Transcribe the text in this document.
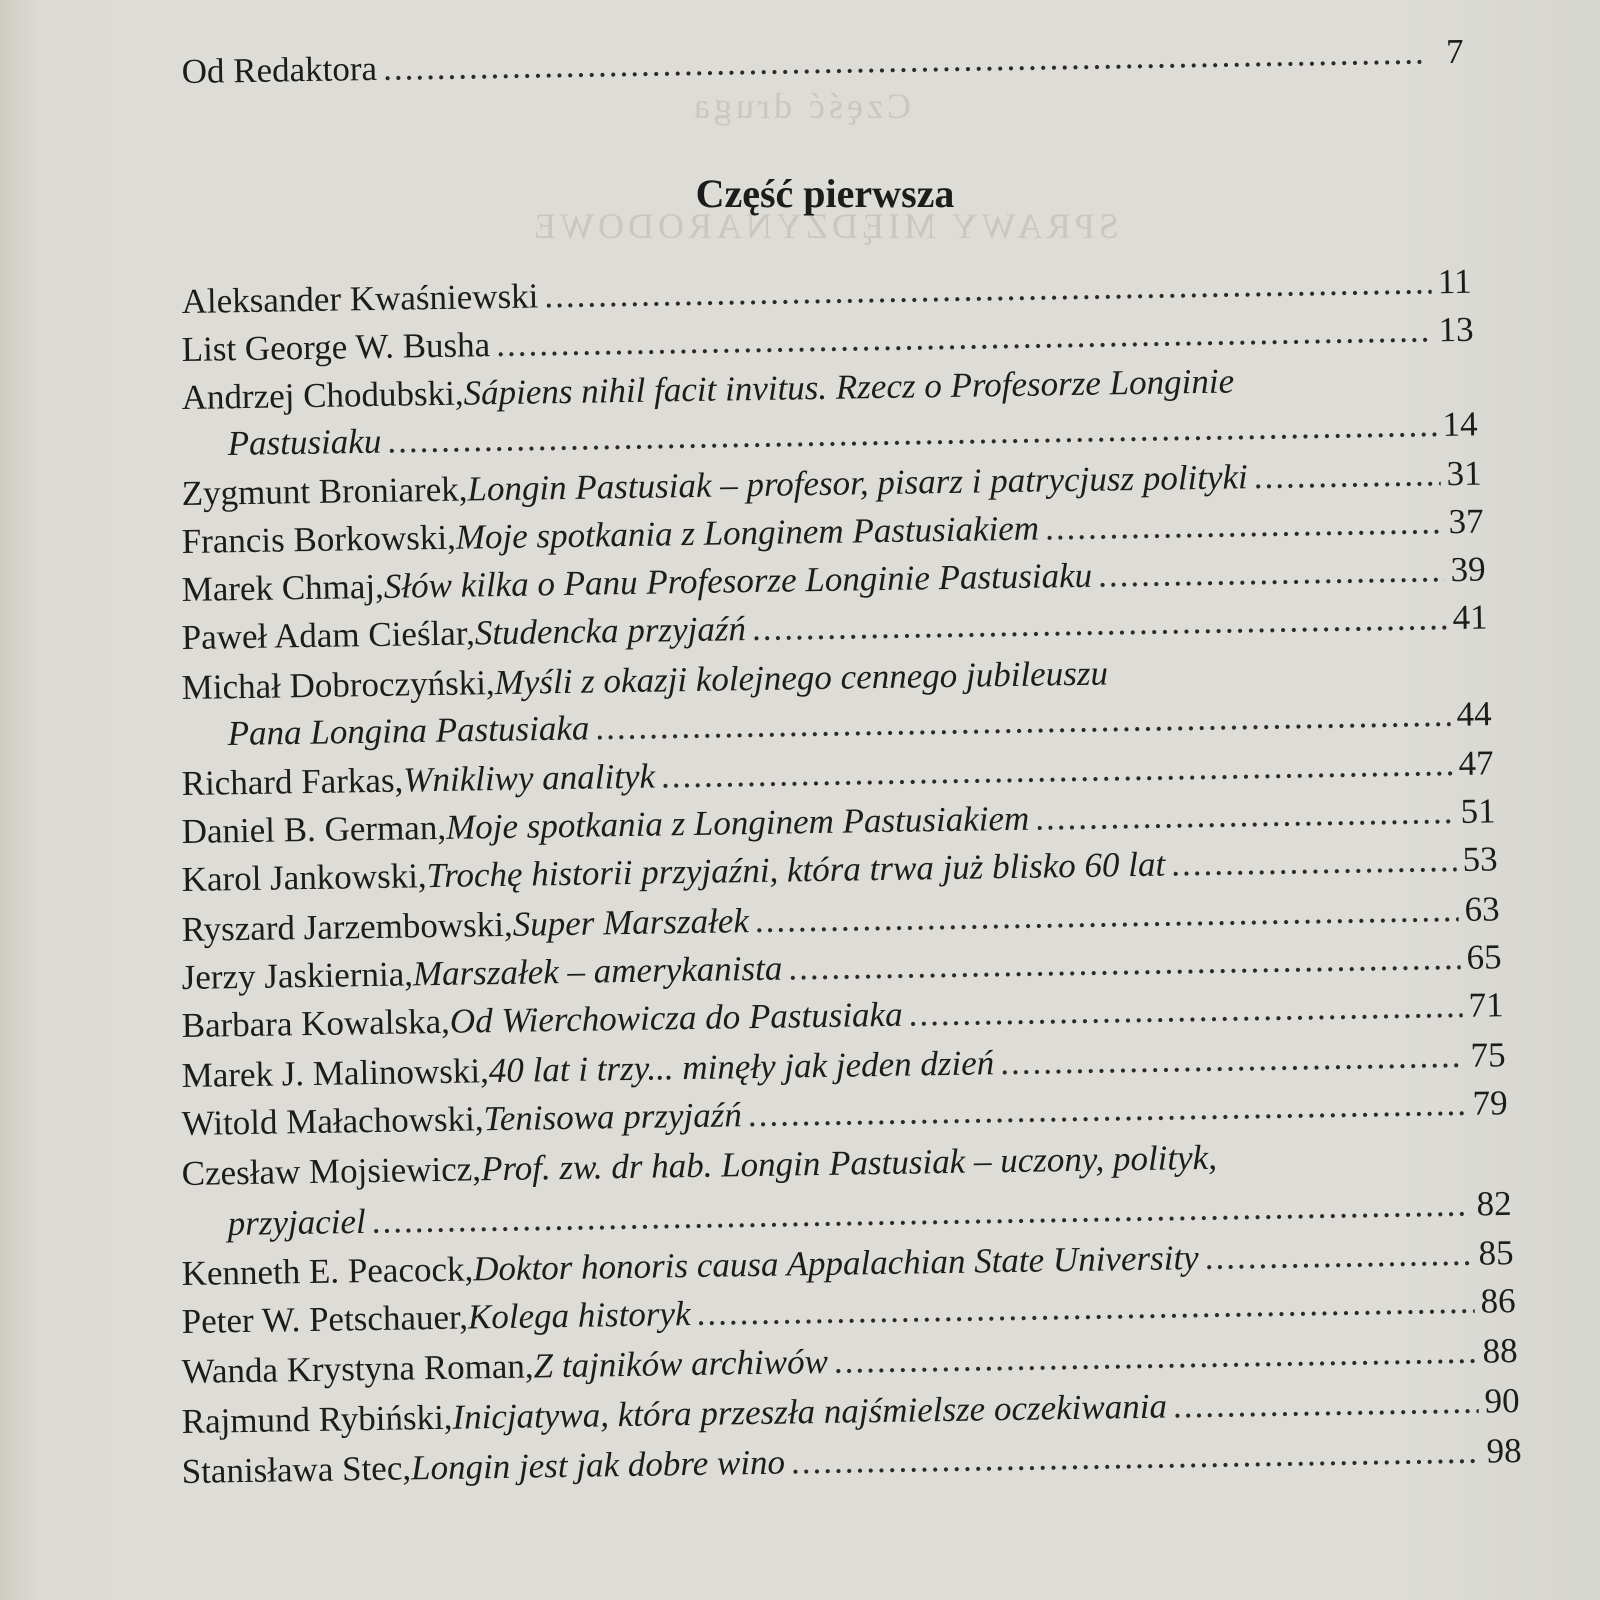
Część druga
SPRAWY MIĘDZYNARODOWE
Od Redaktora .....	7
Część pierwsza
Aleksander Kwaśniewski .....	11
List George W. Busha .....	13
Andrzej Chodubski, Sápiens nihil facit invitus. Rzecz o Profesorze Longinie
Pastusiaku .....	14
Zygmunt Broniarek, Longin Pastusiak – profesor, pisarz i patrycjusz polityki .....	31
Francis Borkowski, Moje spotkania z Longinem Pastusiakiem .....	37
Marek Chmaj, Słów kilka o Panu Profesorze Longinie Pastusiaku .....	39
Paweł Adam Cieślar, Studencka przyjaźń .....	41
Michał Dobroczyński, Myśli z okazji kolejnego cennego jubileuszu
Pana Longina Pastusiaka .....	44
Richard Farkas, Wnikliwy analityk .....	47
Daniel B. German, Moje spotkania z Longinem Pastusiakiem .....	51
Karol Jankowski, Trochę historii przyjaźni, która trwa już blisko 60 lat .....	53
Ryszard Jarzembowski, Super Marszałek .....	63
Jerzy Jaskiernia, Marszałek – amerykanista .....	65
Barbara Kowalska, Od Wierchowicza do Pastusiaka .....	71
Marek J. Malinowski, 40 lat i trzy... minęły jak jeden dzień .....	75
Witold Małachowski, Tenisowa przyjaźń .....	79
Czesław Mojsiewicz, Prof. zw. dr hab. Longin Pastusiak – uczony, polityk,
przyjaciel .....	82
Kenneth E. Peacock, Doktor honoris causa Appalachian State University .....	85
Peter W. Petschauer, Kolega historyk .....	86
Wanda Krystyna Roman, Z tajników archiwów .....	88
Rajmund Rybiński, Inicjatywa, która przeszła najśmielsze oczekiwania .....	90
Stanisława Stec, Longin jest jak dobre wino .....	98
